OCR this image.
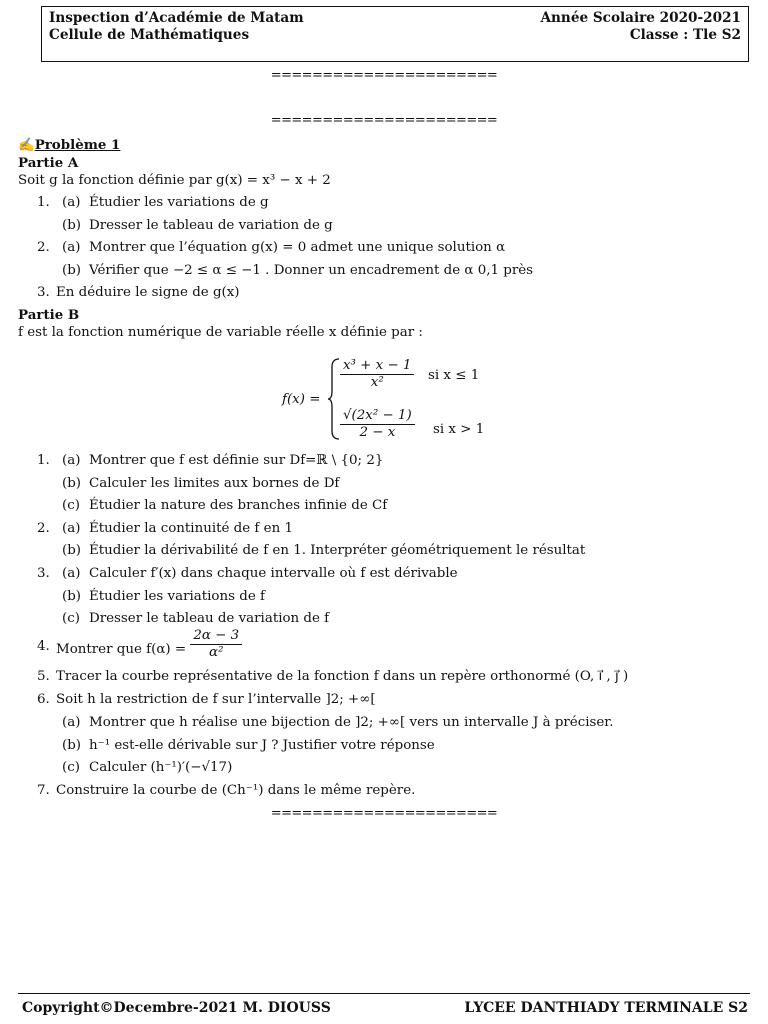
Inspection d’Académie de Matam
Cellule de Mathématiques
Année Scolaire 2020-2021
Classe : Tle S2
======================
======================
✍Problème 1
Partie A
Soit g la fonction définie par g(x) = x³ − x + 2
1. (a) Étudier les variations de g
(b) Dresser le tableau de variation de g
2. (a) Montrer que l’équation g(x) = 0 admet une unique solution α
(b) Vérifier que −2 ≤ α ≤ −1 . Donner un encadrement de α 0,1 près
3. En déduire le signe de g(x)
Partie B
f est la fonction numérique de variable réelle x définie par :
f(x) =
$\frac{\text{x³ + x − 1}}{\text{x²}}$ si x ≤ 1
$\frac{\text{√(2x² − 1)}}{2 - x}$ si x > 1
1. (a) Montrer que f est définie sur Df=ℝ \ {0; 2}
(b) Calculer les limites aux bornes de Df
(c) Étudier la nature des branches infinie de Cf
2. (a) Étudier la continuité de f en 1
(b) Étudier la dérivabilité de f en 1. Interpréter géométriquement le résultat
3. (a) Calculer f′(x) dans chaque intervalle où f est dérivable
(b) Étudier les variations de f
(c) Dresser le tableau de variation de f
4. Montrer que $f(\alpha) = \frac{2\alpha - 3}{\text{α²}}$
5. Tracer la courbe représentative de la fonction f dans un repère orthonormé (O, i⃗ , j⃗ )
6. Soit h la restriction de f sur l’intervalle ]2; +∞[
(a) Montrer que h réalise une bijection de ]2; +∞[ vers un intervalle J à préciser.
(b) h⁻¹ est-elle dérivable sur J ? Justifier votre réponse
(c) Calculer (h⁻¹)′(−√17)
7. Construire la courbe de (Ch⁻¹) dans le même repère.
======================
Copyright©Decembre-2021 M. DIOUSS	LYCEE DANTHIADY TERMINALE S2
